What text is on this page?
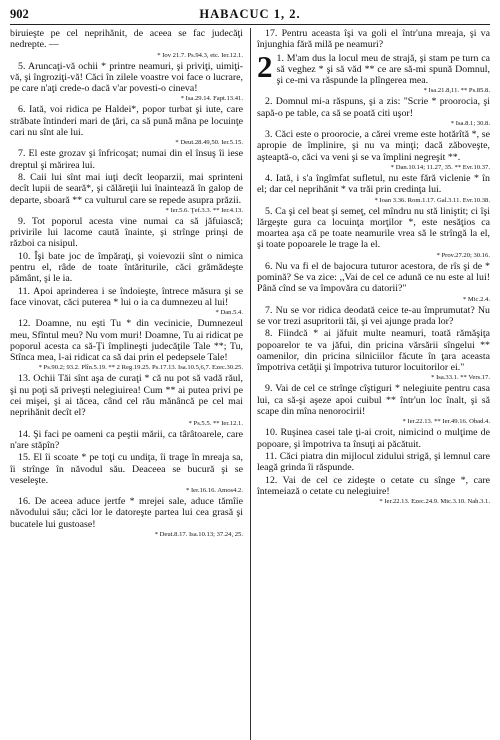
902	HABACUC 1, 2.

biruieşte pe cel neprihănit, de aceea se fac judecăţi nedrepte. —

* Iov 21.7. Ps.94.3, etc. Ier.12.1.

5. Aruncaţi-vă ochii * printre neamuri, şi priviţi, uimiţi-vă, şi îngroziţi-vă! Căci în zilele voastre voi face o lucrare, pe care n'aţi crede-o dacă v'ar povesti-o cineva!

* Isa.29.14. Fapt.13.41.

6. Iată, voi ridica pe Haldei*, popor turbat şi iute, care străbate întinderi mari de ţări, ca să pună mâna pe locuinţe cari nu sînt ale lui.

* Deut.28.49,50. Ier.5.15.

7. El este grozav şi înfricoşat; numai din el însuş îi iese dreptul şi mărirea lui.

8. Caii lui sînt mai iuţi decît leoparzii, mai sprinteni decît lupii de seară*, şi călăreţii lui înaintează în galop de departe, sboară ** ca vulturul care se repede asupra prăzii.

* Ier.5.6. Ţef.3.3. ** Ier.4.13.

9. Tot poporul acesta vine numai ca să jăfuiască; privirile lui lacome caută înainte, şi strînge prinşi de război ca nisipul.

10. Îşi bate joc de împăraţi, şi voievozii sînt o nimica pentru el, râde de toate întăriturile, căci grămădeşte pământ, şi le ia.

11. Apoi aprinderea i se îndoieşte, întrece măsura şi se face vinovat, căci puterea * lui o ia ca dumnezeu al lui!

* Dan.5.4.

12. Doamne, nu eşti Tu * din vecinicie, Dumnezeul meu, Sfîntul meu? Nu vom muri! Doamne, Tu ai ridicat pe poporul acesta ca să-Ţi împlineşti judecăţile Tale **; Tu, Stînca mea, l-ai ridicat ca să dai prin el pedepsele Tale!

* Ps.90.2; 93.2. Plîn.5.19. ** 2 Reg.19.25. Ps.17.13. Isa.10.5,6,7. Ezec.30.25.

13. Ochii Tăi sînt aşa de curaţi * că nu pot să vadă răul, şi nu poţi să priveşti nelegiuirea! Cum ** ai putea privi pe cei mişei, şi ai tăcea, când cel rău mănâncă pe cel mai neprihănit decît el?

* Ps.5.5. ** Ier.12.1.

14. Şi faci pe oameni ca peştii mării, ca târâtoarele, care n'are stăpîn?

15. El îi scoate * pe toţi cu undiţa, îi trage în mreaja sa, îi strînge în năvodul său. Deaceea se bucură şi se veseleşte.

* Ier.16.16. Amos4.2.

16. De aceea aduce jertfe * mrejei sale, aduce tămîie năvodului său; căci lor le datoreşte partea lui cea grasă şi bucatele lui gustoase!

* Deut.8.17. Isa.10.13; 37.24, 25.

17. Pentru aceasta îşi va goli el într'una mreaja, şi va înjunghia fără milă pe neamuri?

2 1. M'am dus la locul meu de strajă, şi stam pe turn ca să veghez * şi să văd ** ce are să-mi spună Domnul, şi ce-mi va răspunde la plîngerea mea.

* Isa.21.8,11. ** Ps.85.8.

2. Domnul mi-a răspuns, şi a zis: "Scrie * proorocia, şi sapă-o pe table, ca să se poată citi uşor!

* Isa.8.1; 30.8.

3. Căci este o proorocie, a cărei vreme este hotărîtă *, se apropie de împlinire, şi nu va minţi; dacă zăboveşte, aşteaptă-o, căci va veni şi se va împlini negreşit **.

* Dan.10.14; 11.27, 35. ** Evr.10.37.

4. Iată, i s'a îngîmfat sufletul, nu este fără viclenie * în el; dar cel neprihănit * va trăi prin credinţa lui.

* Ioan 3.36. Rom.1.17. Gal.3.11. Evr.10.38.

5. Ca şi cel beat şi semeţ, cel mîndru nu stă liniştit; ci îşi lărgeşte gura ca locuinţa morţilor *, este nesăţios ca moartea aşa că pe toate neamurile vrea să le strîngă la el, şi toate popoarele le trage la el.

* Prov.27.20; 30.16.

6. Nu va fi el de bajocura tuturor acestora, de rîs şi de * pomină? Se va zice: ,,Vai de cel ce adună ce nu este al lui! Până cînd se va împovăra cu datorii?"

* Mic.2.4.

7. Nu se vor ridica deodată ceice te-au împrumutat? Nu se vor trezi asupritorii tăi, şi vei ajunge prada lor?

8. Fiindcă * ai jăfuit multe neamuri, toată rămăşiţa popoarelor te va jăfui, din pricina vărsării sîngelui ** oamenilor, din pricina silniciilor făcute în ţara aceasta împotriva cetăţii şi împotriva tuturor locuitorilor ei."

* Isa.33.1. ** Vers.17.

9. Vai de cel ce strînge cîştiguri * nelegiuite pentru casa lui, ca să-şi aşeze apoi cuibul ** într'un loc înalt, şi să scape din mîna nenorocirii!

* Ier.22.13. ** Ier.49.16. Obad.4.

10. Ruşinea casei tale ţi-ai croit, nimicind o mulţime de popoare, şi împotriva ta însuţi ai păcătuit.

11. Căci piatra din mijlocul zidului strigă, şi lemnul care leagă grinda îi răspunde.

12. Vai de cel ce zideşte o cetate cu sînge *, care întemeiază o cetate cu nelegiuire!

* Ier.22.13. Ezec.24.9. Mic.3.10. Nah.3.1.
